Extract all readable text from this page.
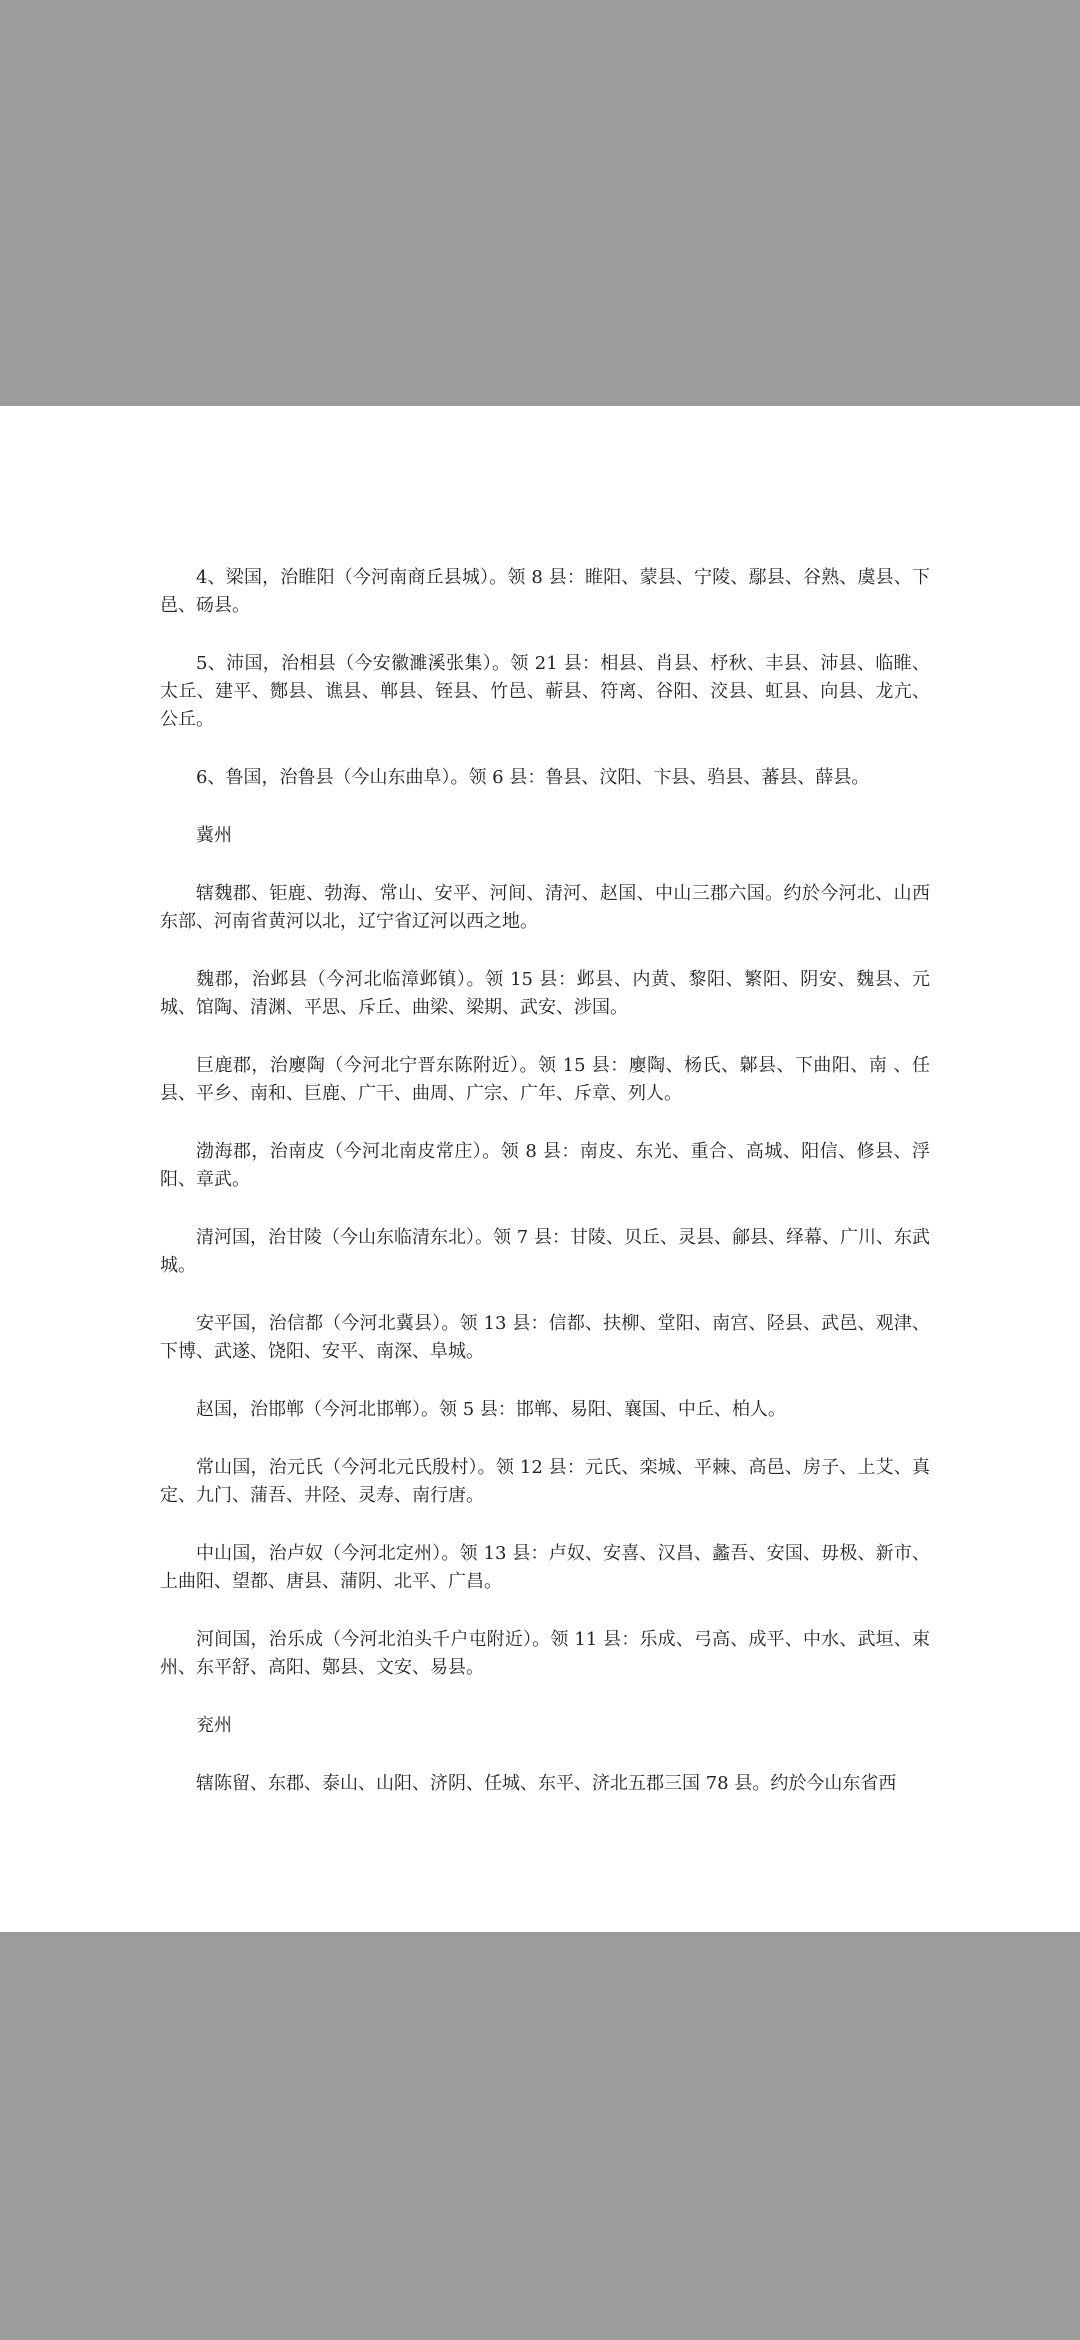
4、梁国，治睢阳（今河南商丘县城）。领 8 县：睢阳、蒙县、宁陵、鄢县、谷熟、虞县、下邑、砀县。

5、沛国，治相县（今安徽濉溪张集）。领 21 县：相县、肖县、杼秋、丰县、沛县、临睢、太丘、建平、酂县、谯县、郸县、铚县、竹邑、蕲县、符离、谷阳、洨县、虹县、向县、龙亢、公丘。

6、鲁国，治鲁县（今山东曲阜）。领 6 县：鲁县、汶阳、卞县、驺县、蕃县、薛县。

冀州

辖魏郡、钜鹿、勃海、常山、安平、河间、清河、赵国、中山三郡六国。约於今河北、山西东部、河南省黄河以北，辽宁省辽河以西之地。

魏郡，治邺县（今河北临漳邺镇）。领 15 县：邺县、内黄、黎阳、繁阳、阴安、魏县、元城、馆陶、清渊、平思、斥丘、曲梁、梁期、武安、涉国。

巨鹿郡，治廮陶（今河北宁晋东陈附近）。领 15 县：廮陶、杨氏、鄡县、下曲阳、南 、任县、平乡、南和、巨鹿、广干、曲周、广宗、广年、斥章、列人。

渤海郡，治南皮（今河北南皮常庄）。领 8 县：南皮、东光、重合、高城、阳信、修县、浮阳、章武。

清河国，治甘陵（今山东临清东北）。领 7 县：甘陵、贝丘、灵县、鄃县、绎幕、广川、东武城。

安平国，治信都（今河北冀县）。领 13 县：信都、扶柳、堂阳、南宫、陉县、武邑、观津、下博、武遂、饶阳、安平、南深、阜城。

赵国，治邯郸（今河北邯郸）。领 5 县：邯郸、易阳、襄国、中丘、柏人。

常山国，治元氏（今河北元氏殷村）。领 12 县：元氏、栾城、平棘、高邑、房子、上艾、真定、九门、蒲吾、井陉、灵寿、南行唐。

中山国，治卢奴（今河北定州）。领 13 县：卢奴、安喜、汉昌、蠡吾、安国、毋极、新市、上曲阳、望都、唐县、蒲阴、北平、广昌。

河间国，治乐成（今河北泊头千户屯附近）。领 11 县：乐成、弓高、成平、中水、武垣、束州、东平舒、高阳、鄚县、文安、易县。

兖州

辖陈留、东郡、泰山、山阳、济阴、任城、东平、济北五郡三国 78 县。约於今山东省西
